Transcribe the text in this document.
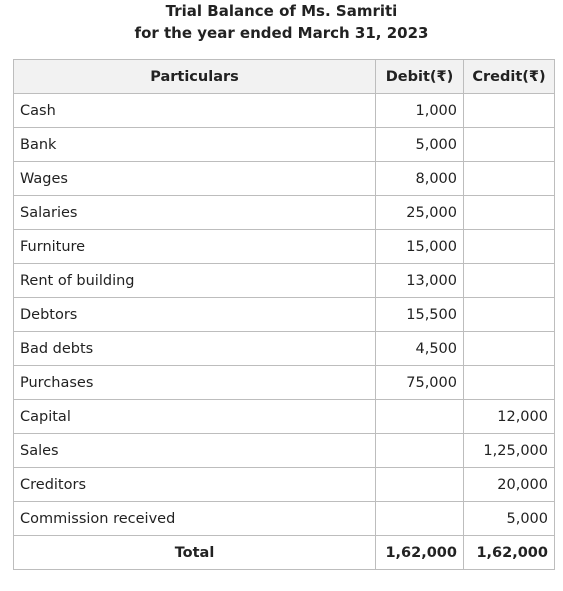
Trial Balance of Ms. Samriti
for the year ended March 31, 2023
Particulars	Debit(₹)	Credit(₹)
Cash	1,000	
Bank	5,000	
Wages	8,000	
Salaries	25,000	
Furniture	15,000	
Rent of building	13,000	
Debtors	15,500	
Bad debts	4,500	
Purchases	75,000	
Capital		12,000
Sales		1,25,000
Creditors		20,000
Commission received		5,000
Total	1,62,000	1,62,000
